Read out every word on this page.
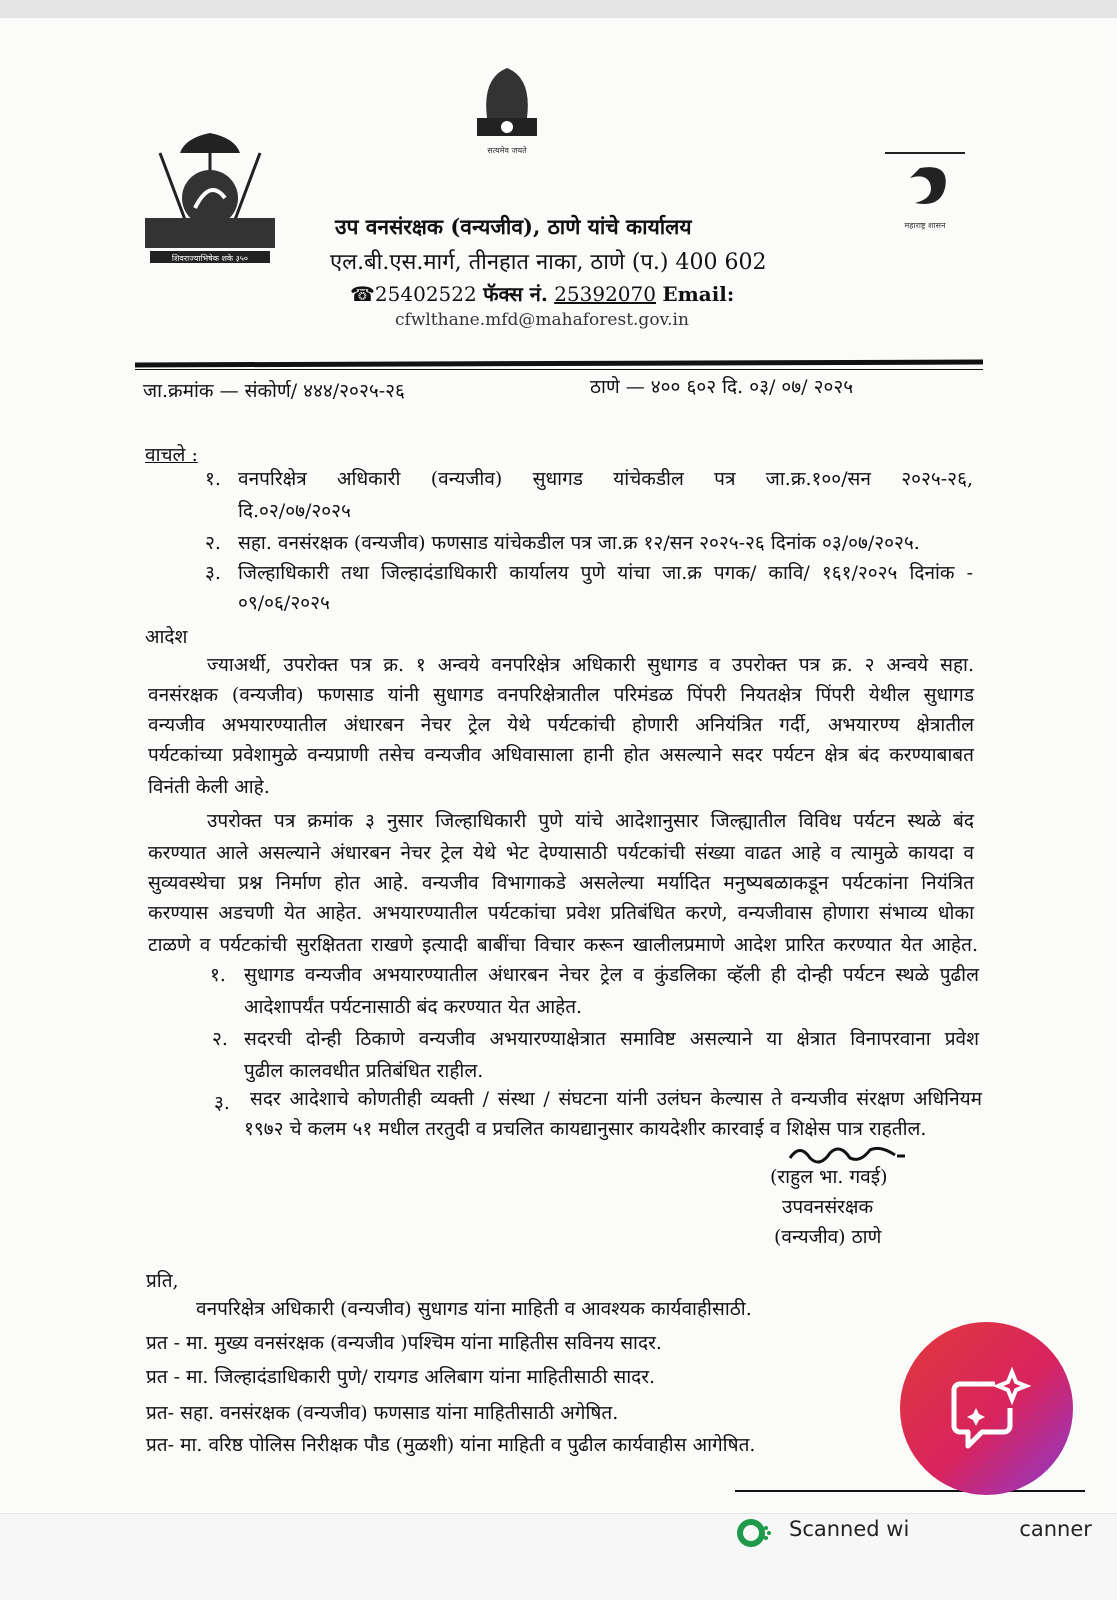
शिवराज्याभिषेक शके ३५०
सत्यमेव जयते
महाराष्ट्र शासन
उप वनसंरक्षक (वन्यजीव), ठाणे यांचे कार्यालय
एल.बी.एस.मार्ग, तीनहात नाका, ठाणे (प.) 400 602
☎25402522 फॅक्स नं. 25392070 Email:
cfwlthane.mfd@mahaforest.gov.in
जा.क्रमांक — संकोर्ण/ ४४४/२०२५-२६	ठाणे — ४०० ६०२ दि. ०३/ ०७/ २०२५
वाचले :
१. वनपरिक्षेत्र अधिकारी (वन्यजीव) सुधागड यांचेकडील पत्र जा.क्र.१००/सन २०२५-२६,
दि.०२/०७/२०२५
२. सहा. वनसंरक्षक (वन्यजीव) फणसाड यांचेकडील पत्र जा.क्र १२/सन २०२५-२६ दिनांक ०३/०७/२०२५.
३. जिल्हाधिकारी तथा जिल्हादंडाधिकारी कार्यालय पुणे यांचा जा.क्र पगक/ कावि/ १६१/२०२५ दिनांक -
०९/०६/२०२५
आदेश
ज्याअर्थी, उपरोक्त पत्र क्र. १ अन्वये वनपरिक्षेत्र अधिकारी सुधागड व उपरोक्त पत्र क्र. २ अन्वये सहा.
वनसंरक्षक (वन्यजीव) फणसाड यांनी सुधागड वनपरिक्षेत्रातील परिमंडळ पिंपरी नियतक्षेत्र पिंपरी येथील सुधागड
वन्यजीव अभयारण्यातील अंधारबन नेचर ट्रेल येथे पर्यटकांची होणारी अनियंत्रित गर्दी, अभयारण्य क्षेत्रातील
पर्यटकांच्या प्रवेशामुळे वन्यप्राणी तसेच वन्यजीव अधिवासाला हानी होत असल्याने सदर पर्यटन क्षेत्र बंद करण्याबाबत
विनंती केली आहे.
उपरोक्त पत्र क्रमांक ३ नुसार जिल्हाधिकारी पुणे यांचे आदेशानुसार जिल्ह्यातील विविध पर्यटन स्थळे बंद
करण्यात आले असल्याने अंधारबन नेचर ट्रेल येथे भेट देण्यासाठी पर्यटकांची संख्या वाढत आहे व त्यामुळे कायदा व
सुव्यवस्थेचा प्रश्न निर्माण होत आहे. वन्यजीव विभागाकडे असलेल्या मर्यादित मनुष्यबळाकडून पर्यटकांना नियंत्रित
करण्यास अडचणी येत आहेत. अभयारण्यातील पर्यटकांचा प्रवेश प्रतिबंधित करणे, वन्यजीवास होणारा संभाव्य धोका
टाळणे व पर्यटकांची सुरक्षितता राखणे इत्यादी बाबींचा विचार करून खालीलप्रमाणे आदेश प्रारित करण्यात येत आहेत.
१. सुधागड वन्यजीव अभयारण्यातील अंधारबन नेचर ट्रेल व कुंडलिका व्हॅली ही दोन्ही पर्यटन स्थळे पुढील
आदेशापर्यंत पर्यटनासाठी बंद करण्यात येत आहेत.
२. सदरची दोन्ही ठिकाणे वन्यजीव अभयारण्याक्षेत्रात समाविष्ट असल्याने या क्षेत्रात विनापरवाना प्रवेश
पुढील कालवधीत प्रतिबंधित राहील.
३. सदर आदेशाचे कोणतीही व्यक्ती / संस्था / संघटना यांनी उलंघन केल्यास ते वन्यजीव संरक्षण अधिनियम
१९७२ चे कलम ५१ मधील तरतुदी व प्रचलित कायद्यानुसार कायदेशीर कारवाई व शिक्षेस पात्र राहतील.
(राहुल भा. गवई)
उपवनसंरक्षक
(वन्यजीव) ठाणे
प्रति,
वनपरिक्षेत्र अधिकारी (वन्यजीव) सुधागड यांना माहिती व आवश्यक कार्यवाहीसाठी.
प्रत - मा. मुख्य वनसंरक्षक (वन्यजीव )पश्चिम यांना माहितीस सविनय सादर.
प्रत - मा. जिल्हादंडाधिकारी पुणे/ रायगड अलिबाग यांना माहितीसाठी सादर.
प्रत- सहा. वनसंरक्षक (वन्यजीव) फणसाड यांना माहितीसाठी अगेषित.
प्रत- मा. वरिष्ठ पोलिस निरीक्षक पौड (मुळशी) यांना माहिती व पुढील कार्यवाहीस आगेषित.
Scanned wi	canner
